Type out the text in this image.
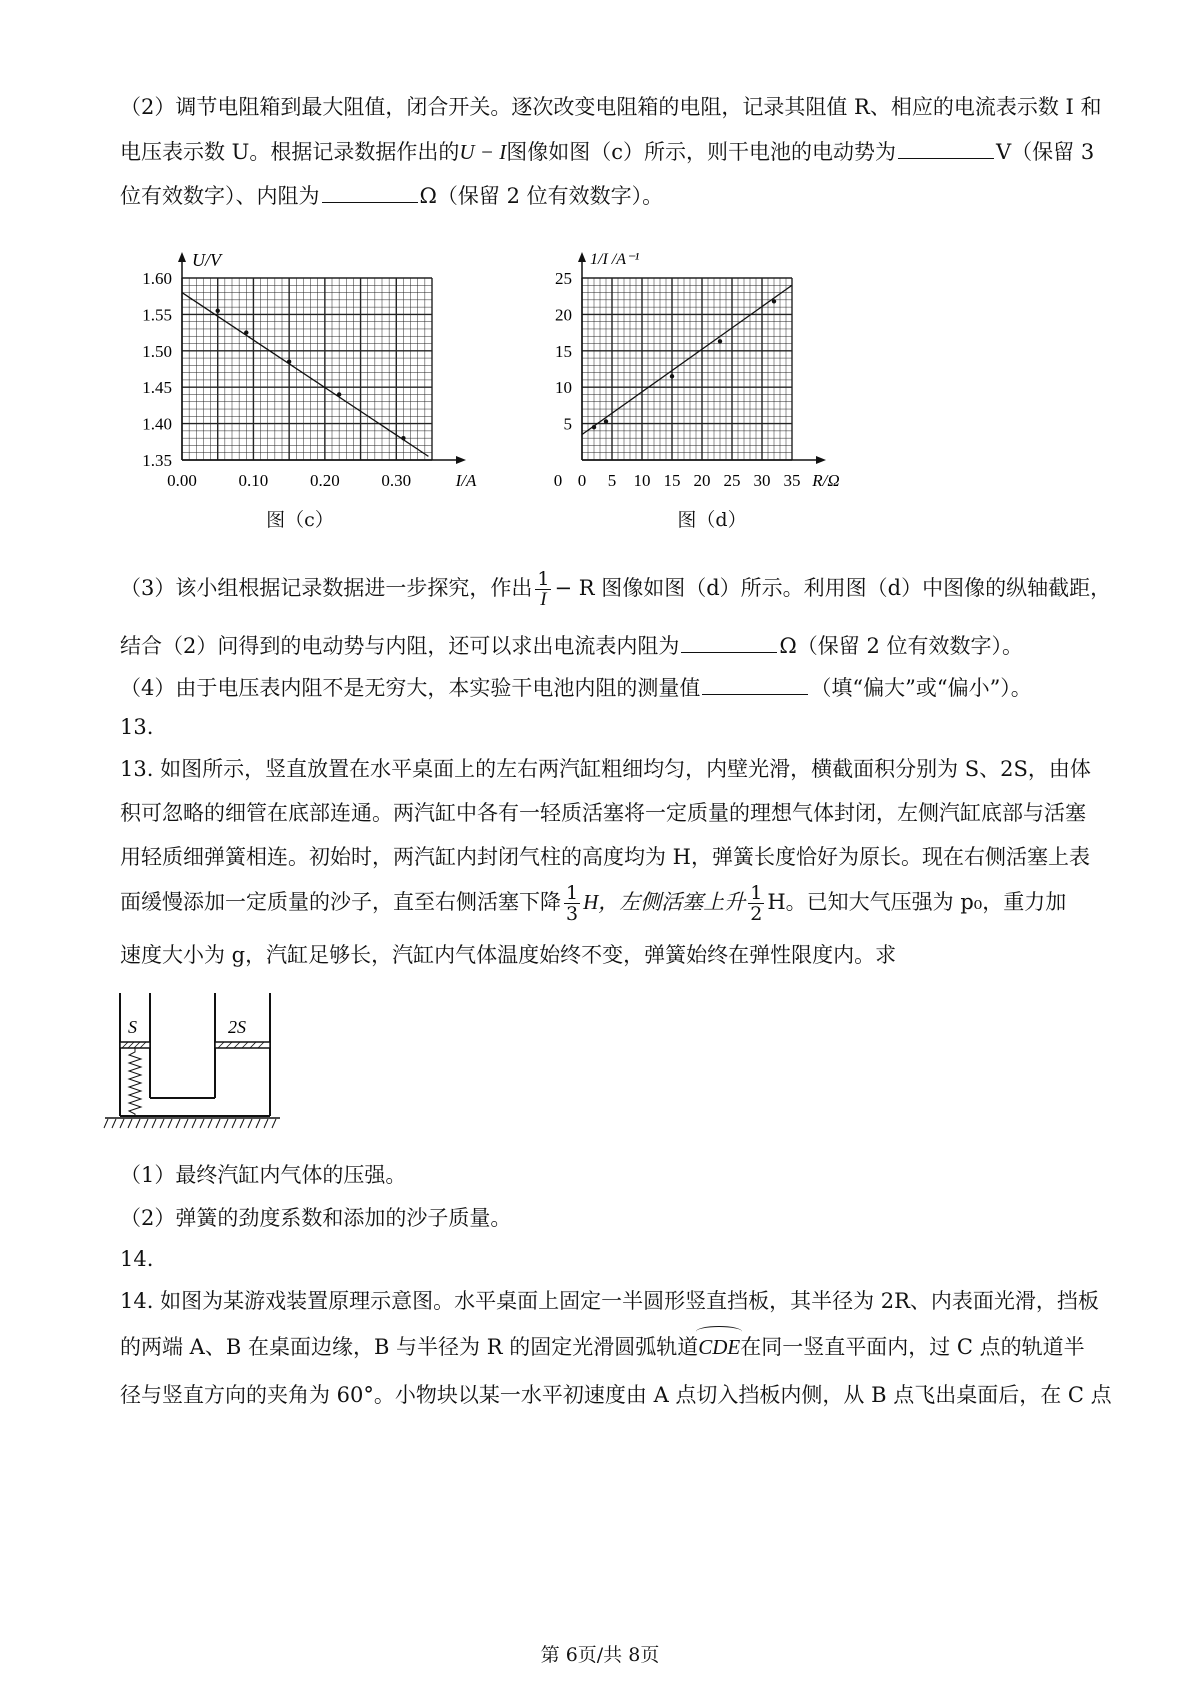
（2）调节电阻箱到最大阻值，闭合开关。逐次改变电阻箱的电阻，记录其阻值 R、相应的电流表示数 I 和
电压表示数 U。根据记录数据作出的U − I图像如图（c）所示，则干电池的电动势为	V（保留 3
位有效数字）、内阻为	Ω（保留 2 位有效数字）。
0.00 0.10 0.20 0.30
1.35
1.40
1.45
1.50
1.55
1.60
I/A
U/V
图（c）
0 5 10 15 20 25 30 35
5
10
15
20
25
R/Ω
1/I /A⁻¹
0
图（d）
（3）该小组根据记录数据进一步探究，作出 $\frac{1}{I} - R$ 图像如图（d）所示。利用图（d）中图像的纵轴截距，
结合（2）问得到的电动势与内阻，还可以求出电流表内阻为	Ω（保留 2 位有效数字）。
（4）由于电压表内阻不是无穷大，本实验干电池内阻的测量值	（填“偏大”或“偏小”）。
13.
13. 如图所示，竖直放置在水平桌面上的左右两汽缸粗细均匀，内壁光滑，横截面积分别为 S、2S，由体
积可忽略的细管在底部连通。两汽缸中各有一轻质活塞将一定质量的理想气体封闭，左侧汽缸底部与活塞
用轻质细弹簧相连。初始时，两汽缸内封闭气柱的高度均为 H，弹簧长度恰好为原长。现在右侧活塞上表
面缓慢添加一定质量的沙子，直至右侧活塞下降 $\frac{1}{3}$ H，左侧活塞上升 $\frac{1}{2}$ H。已知大气压强为 p₀，重力加
速度大小为 g，汽缸足够长，汽缸内气体温度始终不变，弹簧始终在弹性限度内。求
S	2S
（1）最终汽缸内气体的压强。
（2）弹簧的劲度系数和添加的沙子质量。
14.
14. 如图为某游戏装置原理示意图。水平桌面上固定一半圆形竖直挡板，其半径为 2R、内表面光滑，挡板
的两端 A、B 在桌面边缘，B 与半径为 R 的固定光滑圆弧轨道CDE在同一竖直平面内，过 C 点的轨道半
径与竖直方向的夹角为 60°。小物块以某一水平初速度由 A 点切入挡板内侧，从 B 点飞出桌面后，在 C 点
第 6页/共 8页
